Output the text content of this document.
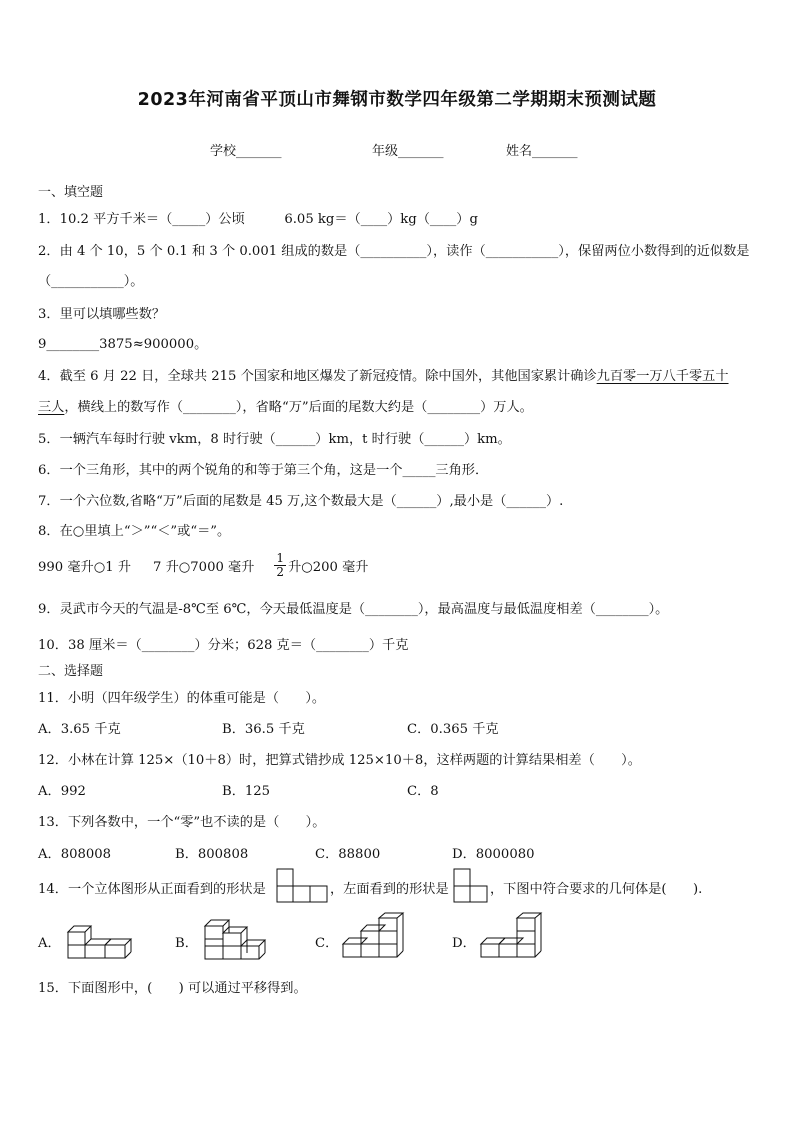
2023年河南省平顶山市舞钢市数学四年级第二学期期末预测试题
学校_______	年级_______	姓名_______
一、填空题
1．10.2 平方千米＝（_____）公顷　　　6.05 kg＝（____）kg（____）g
2．由 4 个 10，5 个 0.1 和 3 个 0.001 组成的数是（__________），读作（___________），保留两位小数得到的近似数是
（___________）。
3．里可以填哪些数？
9________3875≈900000。
4．截至 6 月 22 日，全球共 215 个国家和地区爆发了新冠疫情。除中国外，其他国家累计确诊九百零一万八千零五十
三人，横线上的数写作（________），省略“万”后面的尾数大约是（________）万人。
5．一辆汽车每时行驶 vkm，8 时行驶（______）km，t 时行驶（______）km。
6．一个三角形，其中的两个锐角的和等于第三个角，这是一个_____三角形．
7．一个六位数,省略“万”后面的尾数是 45 万,这个数最大是（______）,最小是（______）.
8．在○里填上“＞”“＜”或“＝”。
990 毫升○1 升 7 升○7000 毫升 $\frac{1}{2}$ 升○200 毫升
9．灵武市今天的气温是-8℃至 6℃，今天最低温度是（________），最高温度与最低温度相差（________）。
10．38 厘米＝（________）分米；628 克＝（________）千克
二、选择题
11．小明（四年级学生）的体重可能是（　　）。
A．3.65 千克	B．36.5 千克	C．0.365 千克
12．小林在计算 125×（10＋8）时，把算式错抄成 125×10＋8，这样两题的计算结果相差（　　）。
A．992	B．125	C．8
13．下列各数中，一个“零”也不读的是（　　）。
A．808008	B．800808	C．88800	D．8000080
14．一个立体图形从正面看到的形状是	，左面看到的形状是	，下图中符合要求的几何体是(　　).
A．	B．	C．	D．
15．下面图形中，(　　) 可以通过平移得到。
